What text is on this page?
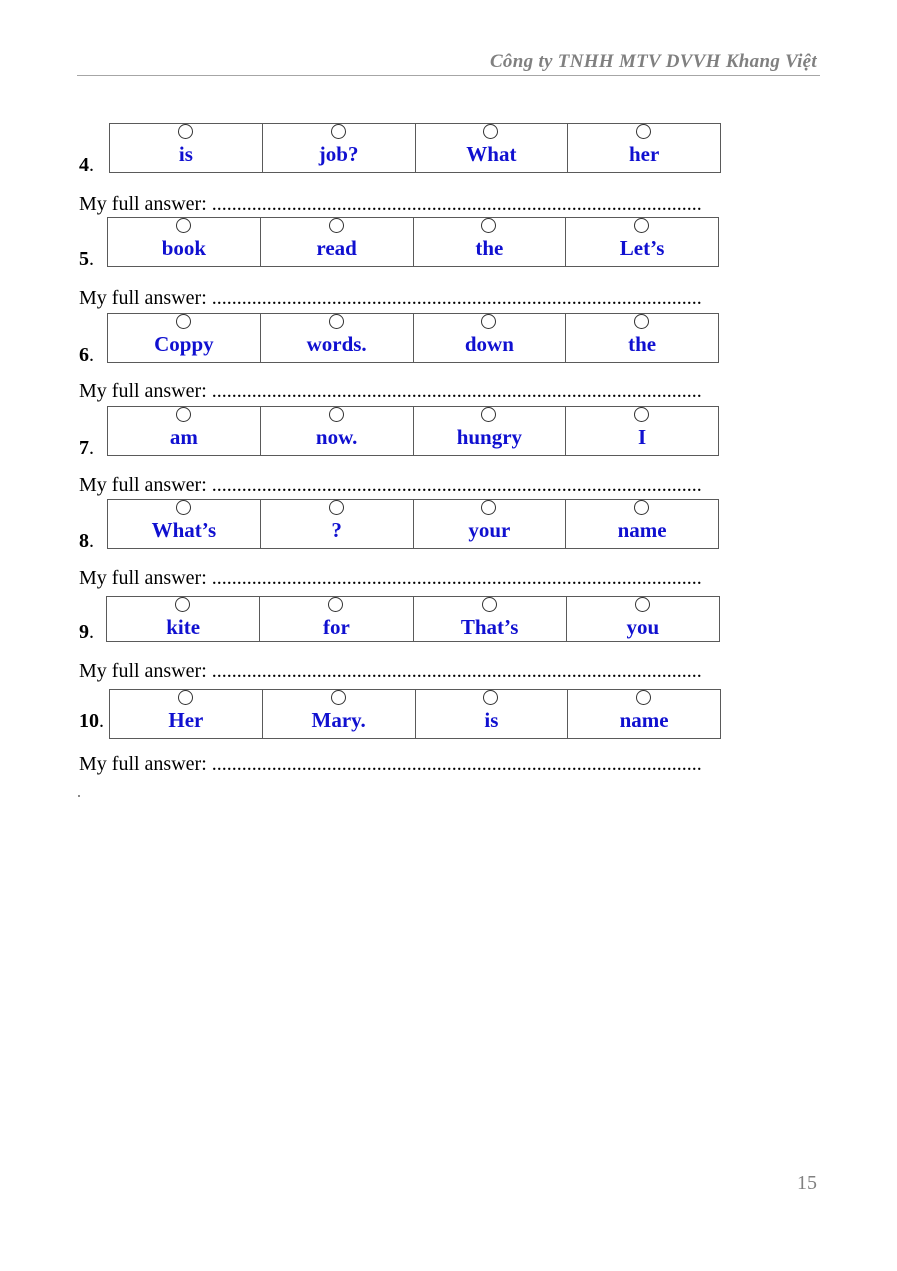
Công ty TNHH MTV DVVH Khang Việt
4.	is	job?	What	her
My full answer: ..................................................................................................
5.	book	read	the	Let’s
My full answer: ..................................................................................................
6.	Coppy	words.	down	the
My full answer: ..................................................................................................
7.	am	now.	hungry	I
My full answer: ..................................................................................................
8.	What’s	?	your	name
My full answer: ..................................................................................................
9.	kite	for	That’s	you
My full answer: ..................................................................................................
10.	Her	Mary.	is	name
My full answer: ..................................................................................................
15
